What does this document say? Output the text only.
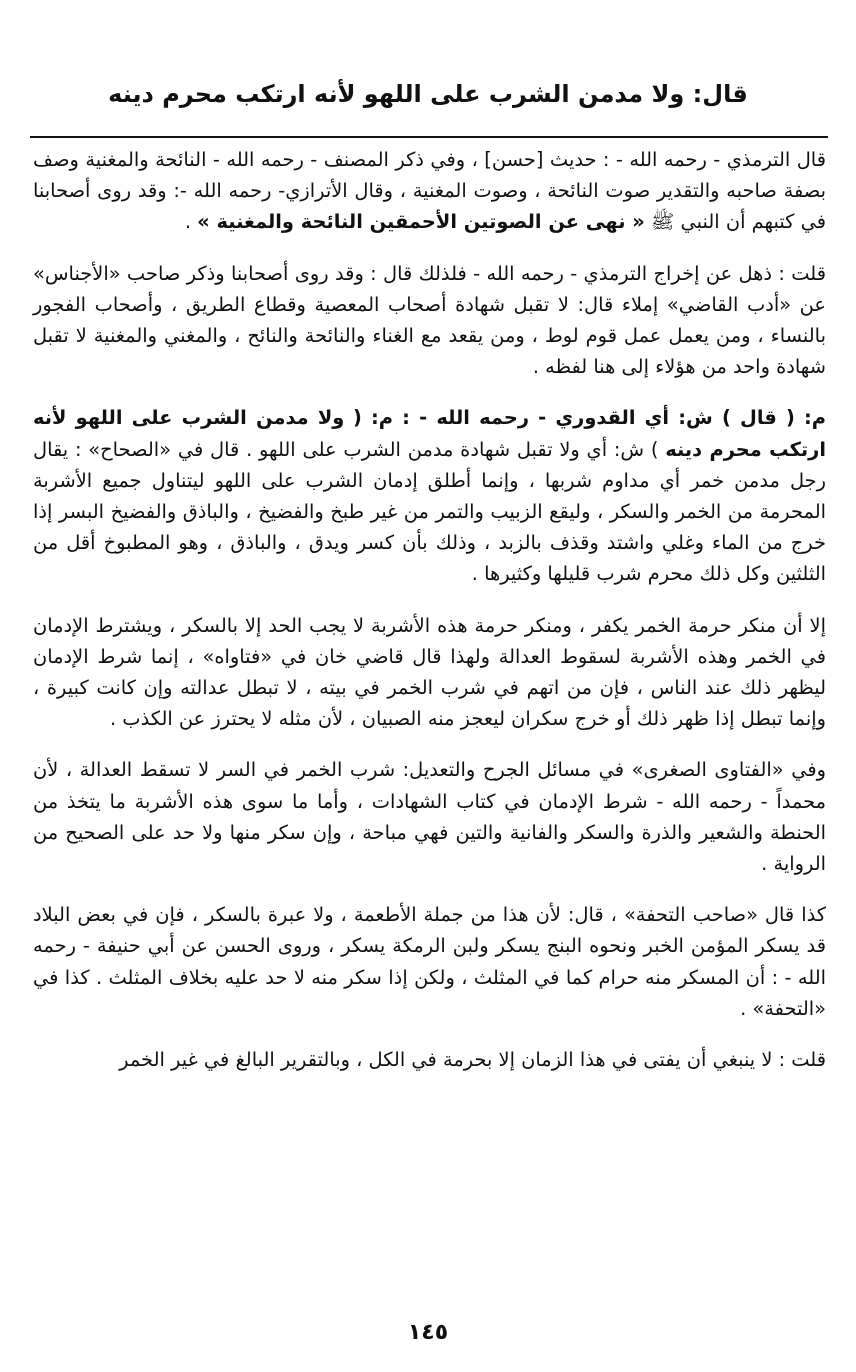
قال: ولا مدمن الشرب على اللهو لأنه ارتكب محرم دينه

قال الترمذي - رحمه الله - : حديث [حسن] ، وفي ذكر المصنف - رحمه الله - النائحة والمغنية وصف بصفة صاحبه والتقدير صوت النائحة ، وصوت المغنية ، وقال الأترازي- رحمه الله -: وقد روى أصحابنا في كتبهم أن النبي ﷺ « نهى عن الصوتين الأحمقين النائحة والمغنية » .

قلت : ذهل عن إخراج الترمذي - رحمه الله - فلذلك قال : وقد روى أصحابنا وذكر صاحب «الأجناس» عن «أدب القاضي» إملاء قال: لا تقبل شهادة أصحاب المعصية وقطاع الطريق ، وأصحاب الفجور بالنساء ، ومن يعمل عمل قوم لوط ، ومن يقعد مع الغناء والنائحة والنائح ، والمغني والمغنية لا تقبل شهادة واحد من هؤلاء إلى هنا لفظه .

م: ( قال ) ش: أي القدوري - رحمه الله - : م: ( ولا مدمن الشرب على اللهو لأنه ارتكب محرم دينه ) ش: أي ولا تقبل شهادة مدمن الشرب على اللهو . قال في «الصحاح» : يقال رجل مدمن خمر أي مداوم شربها ، وإنما أطلق إدمان الشرب على اللهو ليتناول جميع الأشربة المحرمة من الخمر والسكر ، وليقع الزبيب والتمر من غير طبخ والفضيخ ، والباذق والفضيخ البسر إذا خرج من الماء وغلي واشتد وقذف بالزبد ، وذلك بأن كسر ويدق ، والباذق ، وهو المطبوخ أقل من الثلثين وكل ذلك محرم شرب قليلها وكثيرها .

إلا أن منكر حرمة الخمر يكفر ، ومنكر حرمة هذه الأشربة لا يجب الحد إلا بالسكر ، ويشترط الإدمان في الخمر وهذه الأشربة لسقوط العدالة ولهذا قال قاضي خان في «فتاواه» ، إنما شرط الإدمان ليظهر ذلك عند الناس ، فإن من اتهم في شرب الخمر في بيته ، لا تبطل عدالته وإن كانت كبيرة ، وإنما تبطل إذا ظهر ذلك أو خرج سكران ليعجز منه الصبيان ، لأن مثله لا يحترز عن الكذب .

وفي «الفتاوى الصغرى» في مسائل الجرح والتعديل: شرب الخمر في السر لا تسقط العدالة ، لأن محمداً - رحمه الله - شرط الإدمان في كتاب الشهادات ، وأما ما سوى هذه الأشربة ما يتخذ من الحنطة والشعير والذرة والسكر والفانية والتين فهي مباحة ، وإن سكر منها ولا حد على الصحيح من الرواية .

كذا قال «صاحب التحفة» ، قال: لأن هذا من جملة الأطعمة ، ولا عبرة بالسكر ، فإن في بعض البلاد قد يسكر المؤمن الخبر ونحوه البنج يسكر ولبن الرمكة يسكر ، وروى الحسن عن أبي حنيفة - رحمه الله - : أن المسكر منه حرام كما في المثلث ، ولكن إذا سكر منه لا حد عليه بخلاف المثلث . كذا في «التحفة» .

قلت : لا ينبغي أن يفتى في هذا الزمان إلا بحرمة في الكل ، وبالتقرير البالغ في غير الخمر

١٤٥
